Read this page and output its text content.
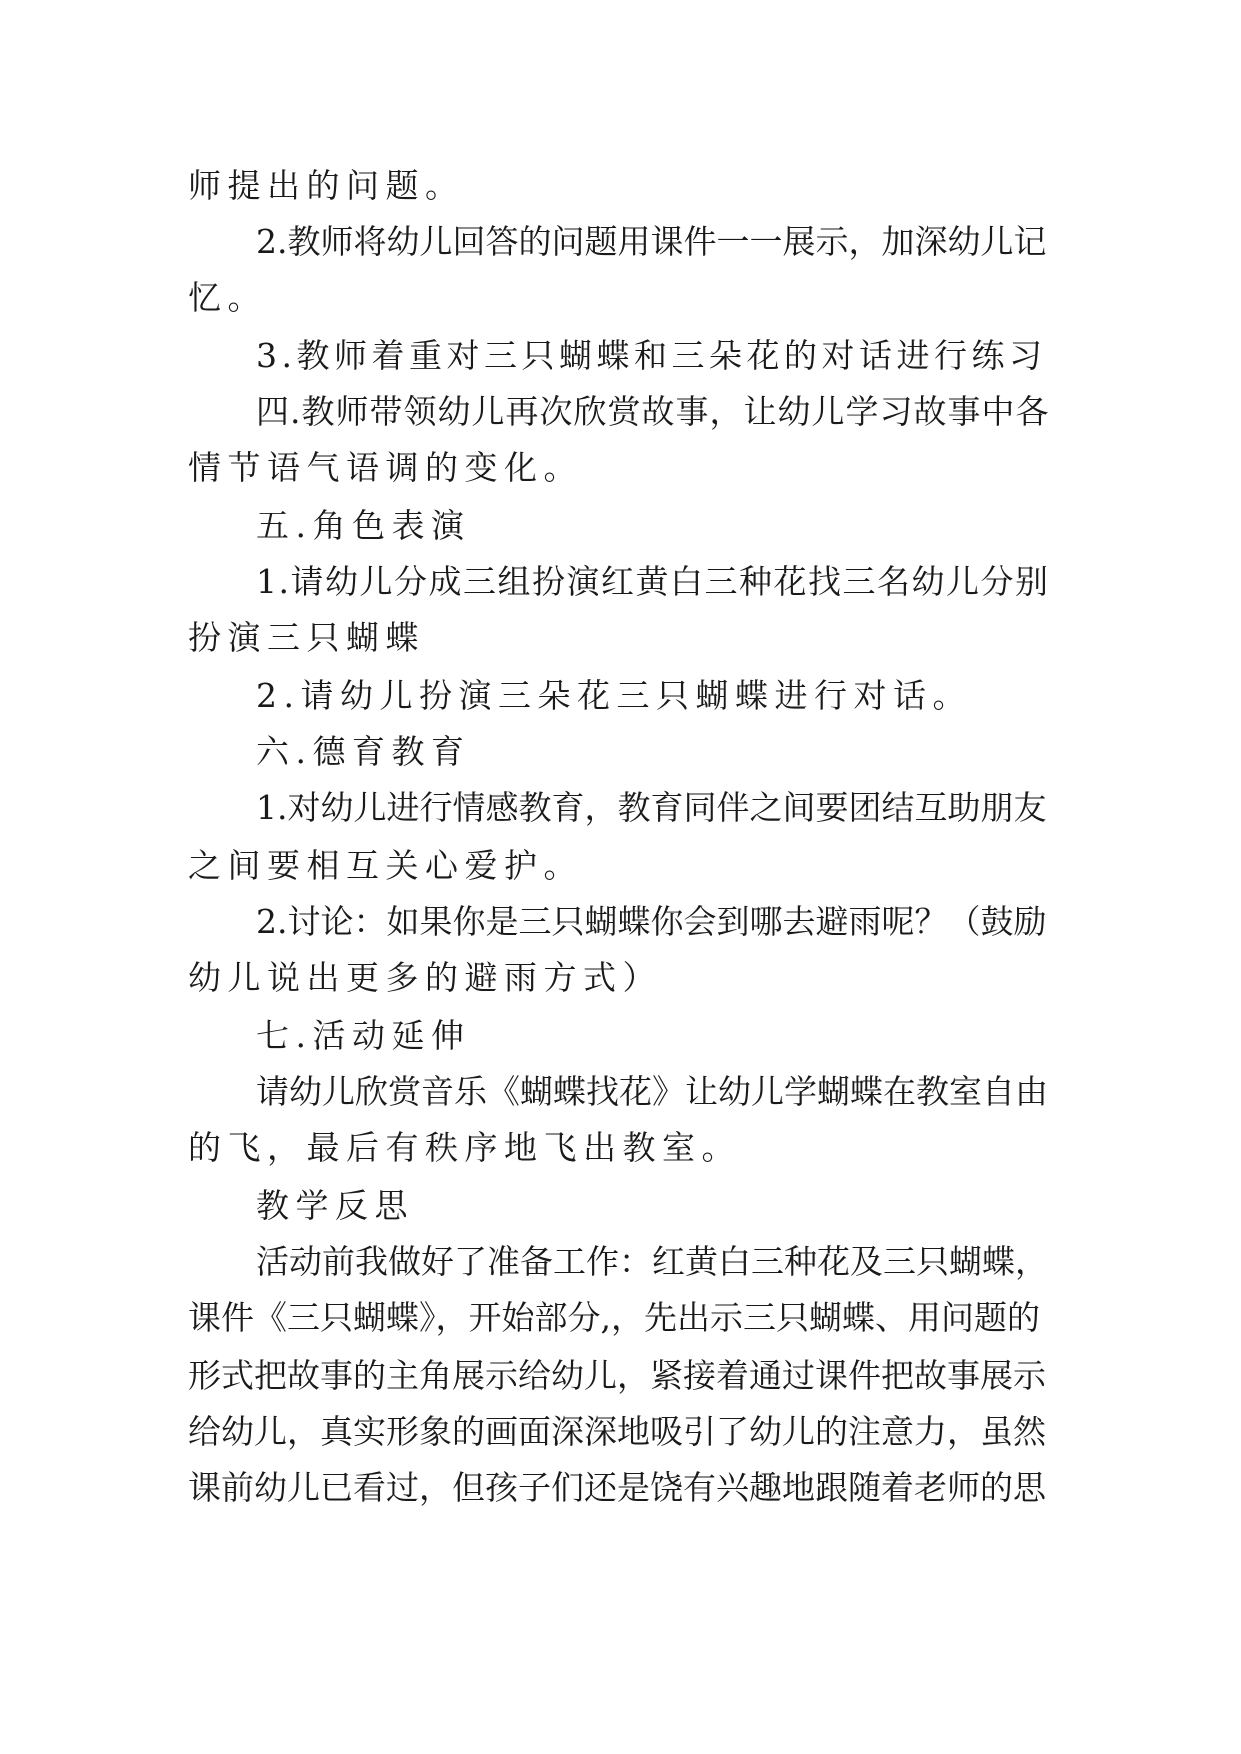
师提出的问题。
2.教师将幼儿回答的问题用课件一一展示，加深幼儿记
忆。
3.教师着重对三只蝴蝶和三朵花的对话进行练习
四.教师带领幼儿再次欣赏故事，让幼儿学习故事中各
情节语气语调的变化。
五.角色表演
1.请幼儿分成三组扮演红黄白三种花找三名幼儿分别
扮演三只蝴蝶
2.请幼儿扮演三朵花三只蝴蝶进行对话。
六.德育教育
1.对幼儿进行情感教育，教育同伴之间要团结互助朋友
之间要相互关心爱护。
2.讨论：如果你是三只蝴蝶你会到哪去避雨呢？（鼓励
幼儿说出更多的避雨方式）
七.活动延伸
请幼儿欣赏音乐《蝴蝶找花》让幼儿学蝴蝶在教室自由
的飞，最后有秩序地飞出教室。
教学反思
活动前我做好了准备工作：红黄白三种花及三只蝴蝶，
课件《三只蝴蝶》，开始部分,，先出示三只蝴蝶、用问题的
形式把故事的主角展示给幼儿，紧接着通过课件把故事展示
给幼儿，真实形象的画面深深地吸引了幼儿的注意力，虽然
课前幼儿已看过，但孩子们还是饶有兴趣地跟随着老师的思
